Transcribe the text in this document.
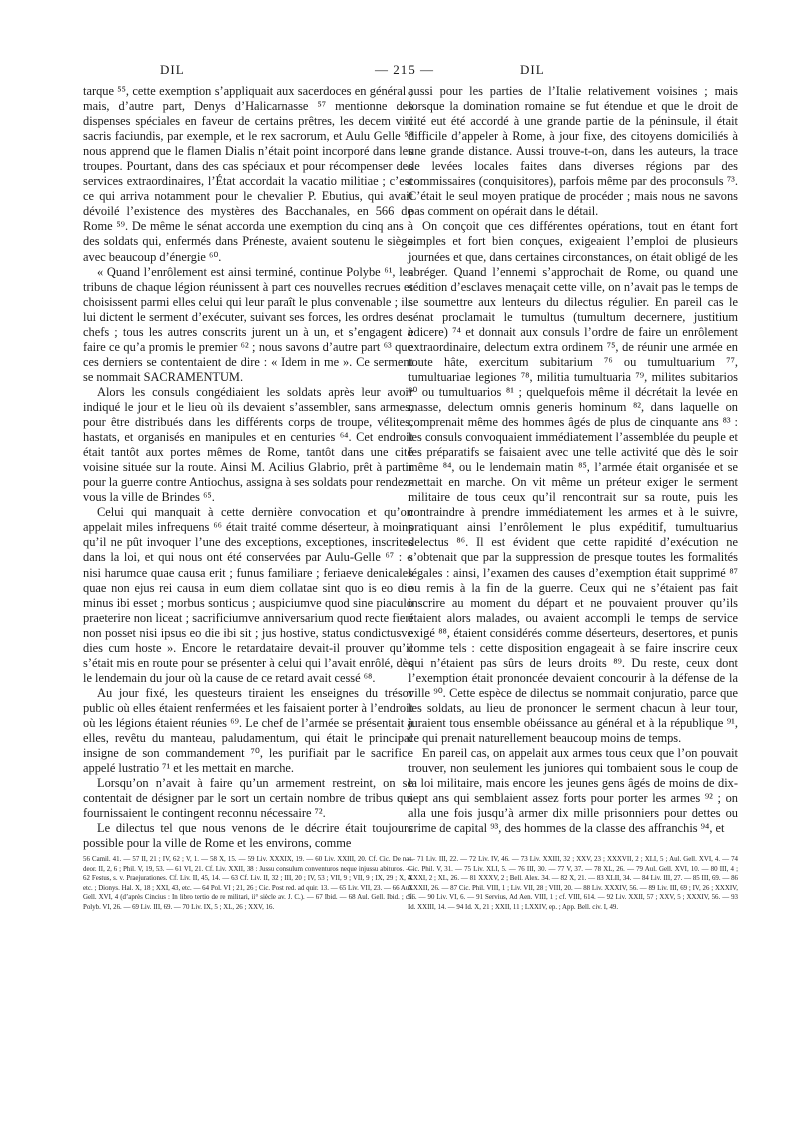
DIL	— 215 —	DIL

tarque ⁵⁵, cette exemption s’appliquait aux sacerdoces en général ; mais, d’autre part, Denys d’Halicarnasse ⁵⁷ mentionne des dispenses spéciales en faveur de certains prêtres, les decem viri sacris faciundis, par exemple, et le rex sacrorum, et Aulu Gelle ⁵⁸ nous apprend que le flamen Dialis n’était point incorporé dans les troupes. Pourtant, dans des cas spéciaux et pour récompenser des services extraordinaires, l’État accordait la vacatio militiae ; c’est ce qui arriva notamment pour le chevalier P. Ebutius, qui avait dévoilé l’existence des mystères des Bacchanales, en 566 de Rome ⁵⁹. De même le sénat accorda une exemption du cinq ans à des soldats qui, enfermés dans Préneste, avaient soutenu le siège avec beaucoup d’énergie ⁶⁰.

« Quand l’enrôlement est ainsi terminé, continue Polybe ⁶¹, les tribuns de chaque légion réunissent à part ces nouvelles recrues et choisissent parmi elles celui qui leur paraît le plus convenable ; ils lui dictent le serment d’exécuter, suivant ses forces, les ordres des chefs ; tous les autres conscrits jurent un à un, et s’engagent à faire ce qu’a promis le premier ⁶² ; nous savons d’autre part ⁶³ que ces derniers se contentaient de dire : « Idem in me ». Ce serment se nommait SACRAMENTUM.

Alors les consuls congédiaient les soldats après leur avoir indiqué le jour et le lieu où ils devaient s’assembler, sans armes, pour être distribués dans les différents corps de troupe, vélites, hastats, et organisés en manipules et en centuries ⁶⁴. Cet endroit était tantôt aux portes mêmes de Rome, tantôt dans une cité voisine située sur la route. Ainsi M. Acilius Glabrio, prêt à partir pour la guerre contre Antiochus, assigna à ses soldats pour rendez-vous la ville de Brindes ⁶⁵.

Celui qui manquait à cette dernière convocation et qu’on appelait miles infrequens ⁶⁶ était traité comme déserteur, à moins qu’il ne pût invoquer l’une des exceptions, exceptiones, inscrites dans la loi, et qui nous ont été conservées par Aulu-Gelle ⁶⁷ : « nisi harumce quae causa erit ; funus familiare ; feriaeve denicales quae non ejus rei causa in eum diem collatae sint quo is eo die minus ibi esset ; morbus sonticus ; auspiciumve quod sine piaculo praeterire non liceat ; sacrificiumve anniversarium quod recte fieri non posset nisi ipsus eo die ibi sit ; jus hostive, status condictusve dies cum hoste ». Encore le retardataire devait-il prouver qu’il s’était mis en route pour se présenter à celui qui l’avait enrôlé, dès le lendemain du jour où la cause de ce retard avait cessé ⁶⁸.

Au jour fixé, les questeurs tiraient les enseignes du trésor public où elles étaient renfermées et les faisaient porter à l’endroit où les légions étaient réunies ⁶⁹. Le chef de l’armée se présentait à elles, revêtu du manteau, paludamentum, qui était le principal insigne de son commandement ⁷⁰, les purifiait par le sacrifice appelé lustratio ⁷¹ et les mettait en marche.

Lorsqu’on n’avait à faire qu’un armement restreint, on se contentait de désigner par le sort un certain nombre de tribus qui fournissaient le contingent reconnu nécessaire ⁷².

Le dilectus tel que nous venons de le décrire était toujours possible pour la ville de Rome et les environs, comme

aussi pour les parties de l’Italie relativement voisines ; mais lorsque la domination romaine se fut étendue et que le droit de cité eut été accordé à une grande partie de la péninsule, il était difficile d’appeler à Rome, à jour fixe, des citoyens domiciliés à une grande distance. Aussi trouve-t-on, dans les auteurs, la trace de levées locales faites dans diverses régions par des commissaires (conquisitores), parfois même par des proconsuls ⁷³. C’était le seul moyen pratique de procéder ; mais nous ne savons pas comment on opérait dans le détail.

On conçoit que ces différentes opérations, tout en étant fort simples et fort bien conçues, exigeaient l’emploi de plusieurs journées et que, dans certaines circonstances, on était obligé de les abréger. Quand l’ennemi s’approchait de Rome, ou quand une sédition d’esclaves menaçait cette ville, on n’avait pas le temps de se soumettre aux lenteurs du dilectus régulier. En pareil cas le sénat proclamait le tumultus (tumultum decernere, justitium edicere) ⁷⁴ et donnait aux consuls l’ordre de faire un enrôlement extraordinaire, delectum extra ordinem ⁷⁵, de réunir une armée en toute hâte, exercitum subitarium ⁷⁶ ou tumultuarium ⁷⁷, tumultuariae legiones ⁷⁸, militia tumultuaria ⁷⁹, milites subitarios ⁸⁰ ou tumultuarios ⁸¹ ; quelquefois même il décrétait la levée en masse, delectum omnis generis hominum ⁸², dans laquelle on comprenait même des hommes âgés de plus de cinquante ans ⁸³ : les consuls convoquaient immédiatement l’assemblée du peuple et les préparatifs se faisaient avec une telle activité que dès le soir même ⁸⁴, ou le lendemain matin ⁸⁵, l’armée était organisée et se mettait en marche. On vit même un préteur exiger le serment militaire de tous ceux qu’il rencontrait sur sa route, puis les contraindre à prendre immédiatement les armes et à le suivre, pratiquant ainsi l’enrôlement le plus expéditif, tumultuarius delectus ⁸⁶. Il est évident que cette rapidité d’exécution ne s’obtenait que par la suppression de presque toutes les formalités légales : ainsi, l’examen des causes d’exemption était supprimé ⁸⁷ ou remis à la fin de la guerre. Ceux qui ne s’étaient pas fait inscrire au moment du départ et ne pouvaient prouver qu’ils étaient alors malades, ou avaient accompli le temps de service exigé ⁸⁸, étaient considérés comme déserteurs, desertores, et punis comme tels : cette disposition engageait à se faire inscrire ceux qui n’étaient pas sûrs de leurs droits ⁸⁹. Du reste, ceux dont l’exemption était prononcée devaient concourir à la défense de la ville ⁹⁰. Cette espèce de dilectus se nommait conjuratio, parce que les soldats, au lieu de prononcer le serment chacun à leur tour, juraient tous ensemble obéissance au général et à la république ⁹¹, ce qui prenait naturellement beaucoup moins de temps.

En pareil cas, on appelait aux armes tous ceux que l’on pouvait trouver, non seulement les juniores qui tombaient sous le coup de la loi militaire, mais encore les jeunes gens âgés de moins de dix-sept ans qui semblaient assez forts pour porter les armes ⁹² ; on alla une fois jusqu’à armer dix mille prisonniers pour dettes ou crime de capital ⁹³, des hommes de la classe des affranchis ⁹⁴, et

56 Camil. 41. — 57 II, 21 ; IV, 62 ; V, 1. — 58 X, 15. — 59 Liv. XXXIX, 19. — 60 Liv. XXIII, 20. Cf. Cic. De nat. deor. II, 2, 6 ; Phil. V, 19, 53. — 61 VI, 21. Cf. Liv. XXII, 38 : Jussu consulum conventuros neque injussu abituros. — 62 Festus, s. v. Praejurationes. Cf. Liv. II, 45, 14. — 63 Cf. Liv. II, 32 ; III, 20 ; IV, 53 ; VII, 9 ; VII, 9 ; IX, 29 ; X, 4. etc. ; Dionys. Hal. X, 18 ; XXI, 43, etc. — 64 Pol. VI ; 21, 26 ; Cic. Post red. ad quir. 13. — 65 Liv. VII, 23. — 66 Aul. Gell. XVI, 4 (d’après Cincius : In libro tertio de re militari, ii° siècle av. J. C.). — 67 Ibid. — 68 Aul. Gell. Ibid. ; cf. Polyb. VI, 26. — 69 Liv. III, 69. — 70 Liv. IX, 5 ; XL, 26 ; XXV, 16.
— 71 Liv. III, 22. — 72 Liv. IV, 46. — 73 Liv. XXIII, 32 ; XXV, 23 ; XXXVII, 2 ; XLI, 5 ; Aul. Gell. XVI, 4. — 74 Cic. Phil. V, 31. — 75 Liv. XLI, 5. — 76 III, 30. — 77 V, 37. — 78 XL, 26. — 79 Aul. Gell. XVI, 10. — 80 III, 4 ; XXXI, 2 ; XL, 26. — 81 XXXV, 2 ; Bell. Alex. 34. — 82 X, 21. — 83 XLII, 34. — 84 Liv. III, 27. — 85 III, 69. — 86 XXXII, 26. — 87 Cic. Phil. VIII, 1 ; Liv. VII, 28 ; VIII, 20. — 88 Liv. XXXIV, 56. — 89 Liv. III, 69 ; IV, 26 ; XXXIV, 56. — 90 Liv. VI, 6. — 91 Servius, Ad Aen. VIII, 1 ; cf. VIII, 614. — 92 Liv. XXII, 57 ; XXV, 5 ; XXXIV, 56. — 93 Id. XXIII, 14. — 94 Id. X, 21 ; XXII, 11 ; LXXIV, ep. ; App. Bell. civ. I, 49.
